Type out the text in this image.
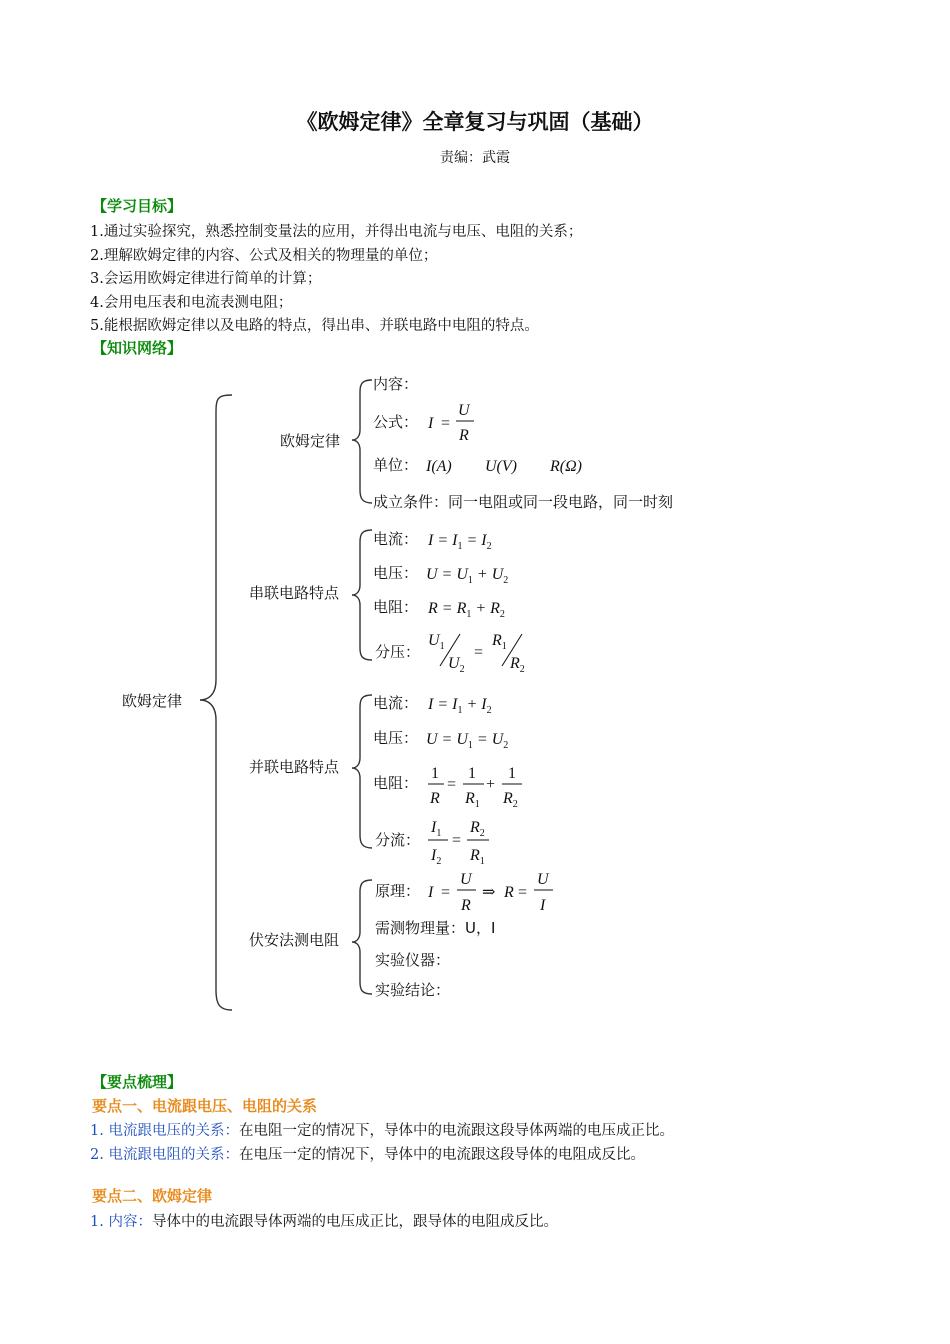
《欧姆定律》全章复习与巩固（基础）
责编：武霞
【学习目标】
1.通过实验探究，熟悉控制变量法的应用，并得出电流与电压、电阻的关系；
2.理解欧姆定律的内容、公式及相关的物理量的单位；
3.会运用欧姆定律进行简单的计算；
4.会用电压表和电流表测电阻；
5.能根据欧姆定律以及电路的特点，得出串、并联电路中电阻的特点。
【知识网络】
欧姆定律
欧姆定律
内容：
公式： I =
U
R
单位： I(A) U(V) R(Ω)
成立条件：同一电阻或同一段电路，同一时刻
串联电路特点
电流： $I = I_1 = I_2$
电压： $U = U_1 + U_2$
电阻： $R = R_1 + R_2$
分压：
$U_1$
$U_2$
=
$R_1$
$R_2$
并联电路特点
电流： $I = I_1 + I_2$
电压： $U = U_1 = U_2$
电阻：
1
R
=
1
$R_1$
+
1
$R_2$
分流：
$I_1$
$I_2$
=
$R_2$
$R_1$
伏安法测电阻
原理： I =
U
R
⇒ R =
U
I
需测物理量：U，I
实验仪器：
实验结论：
【要点梳理】
要点一、电流跟电压、电阻的关系
1. 电流跟电压的关系：在电阻一定的情况下，导体中的电流跟这段导体两端的电压成正比。
2. 电流跟电阻的关系：在电压一定的情况下，导体中的电流跟这段导体的电阻成反比。
要点二、欧姆定律
1. 内容：导体中的电流跟导体两端的电压成正比，跟导体的电阻成反比。
